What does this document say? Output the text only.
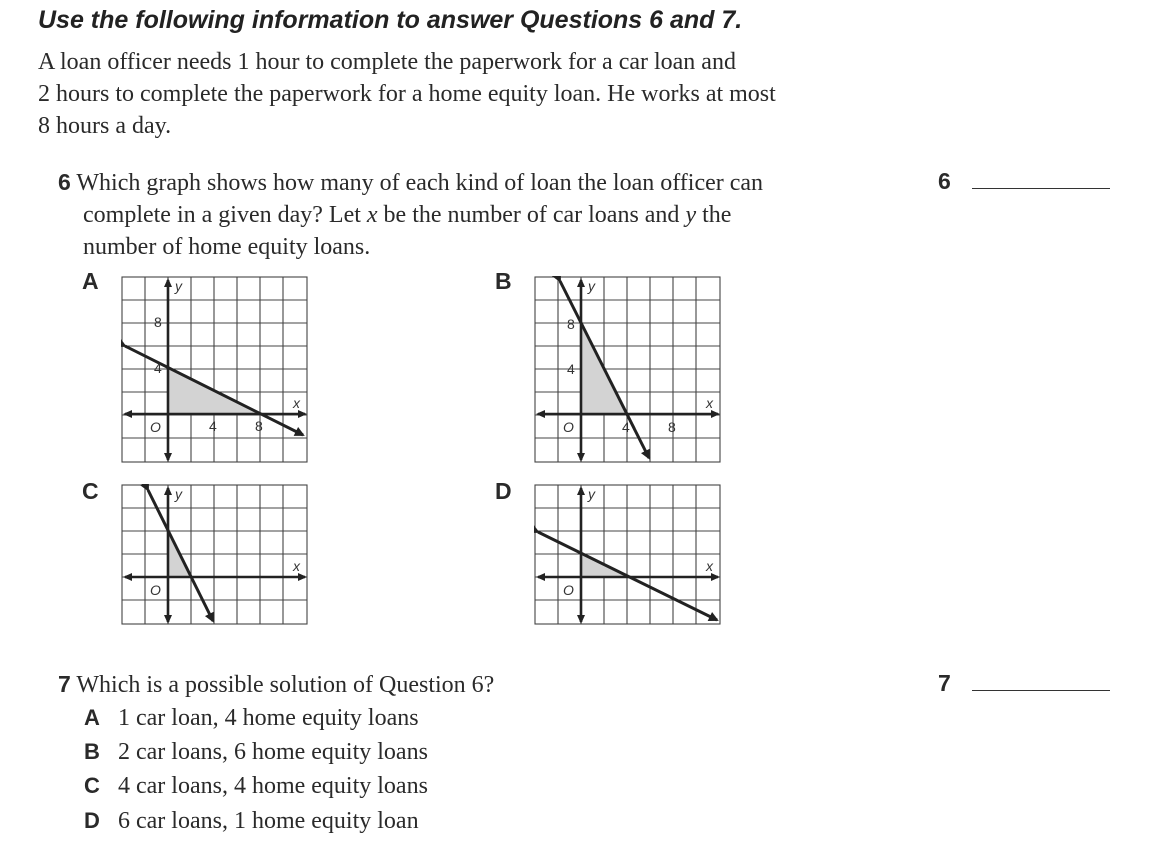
Use the following information to answer Questions 6 and 7.
A loan officer needs 1 hour to complete the paperwork for a car loan and
2 hours to complete the paperwork for a home equity loan. He works at most
8 hours a day.
6 Which graph shows how many of each kind of loan the loan officer can
complete in a given day? Let x be the number of car loans and y the
number of home equity loans.
6
A	B
C	D
y
x
O
8
4
4	8
y
x
O
8
4
4	8
y
x
O
y
x
O
7 Which is a possible solution of Question 6?	7
A 1 car loan, 4 home equity loans
B 2 car loans, 6 home equity loans
C 4 car loans, 4 home equity loans
D 6 car loans, 1 home equity loan
